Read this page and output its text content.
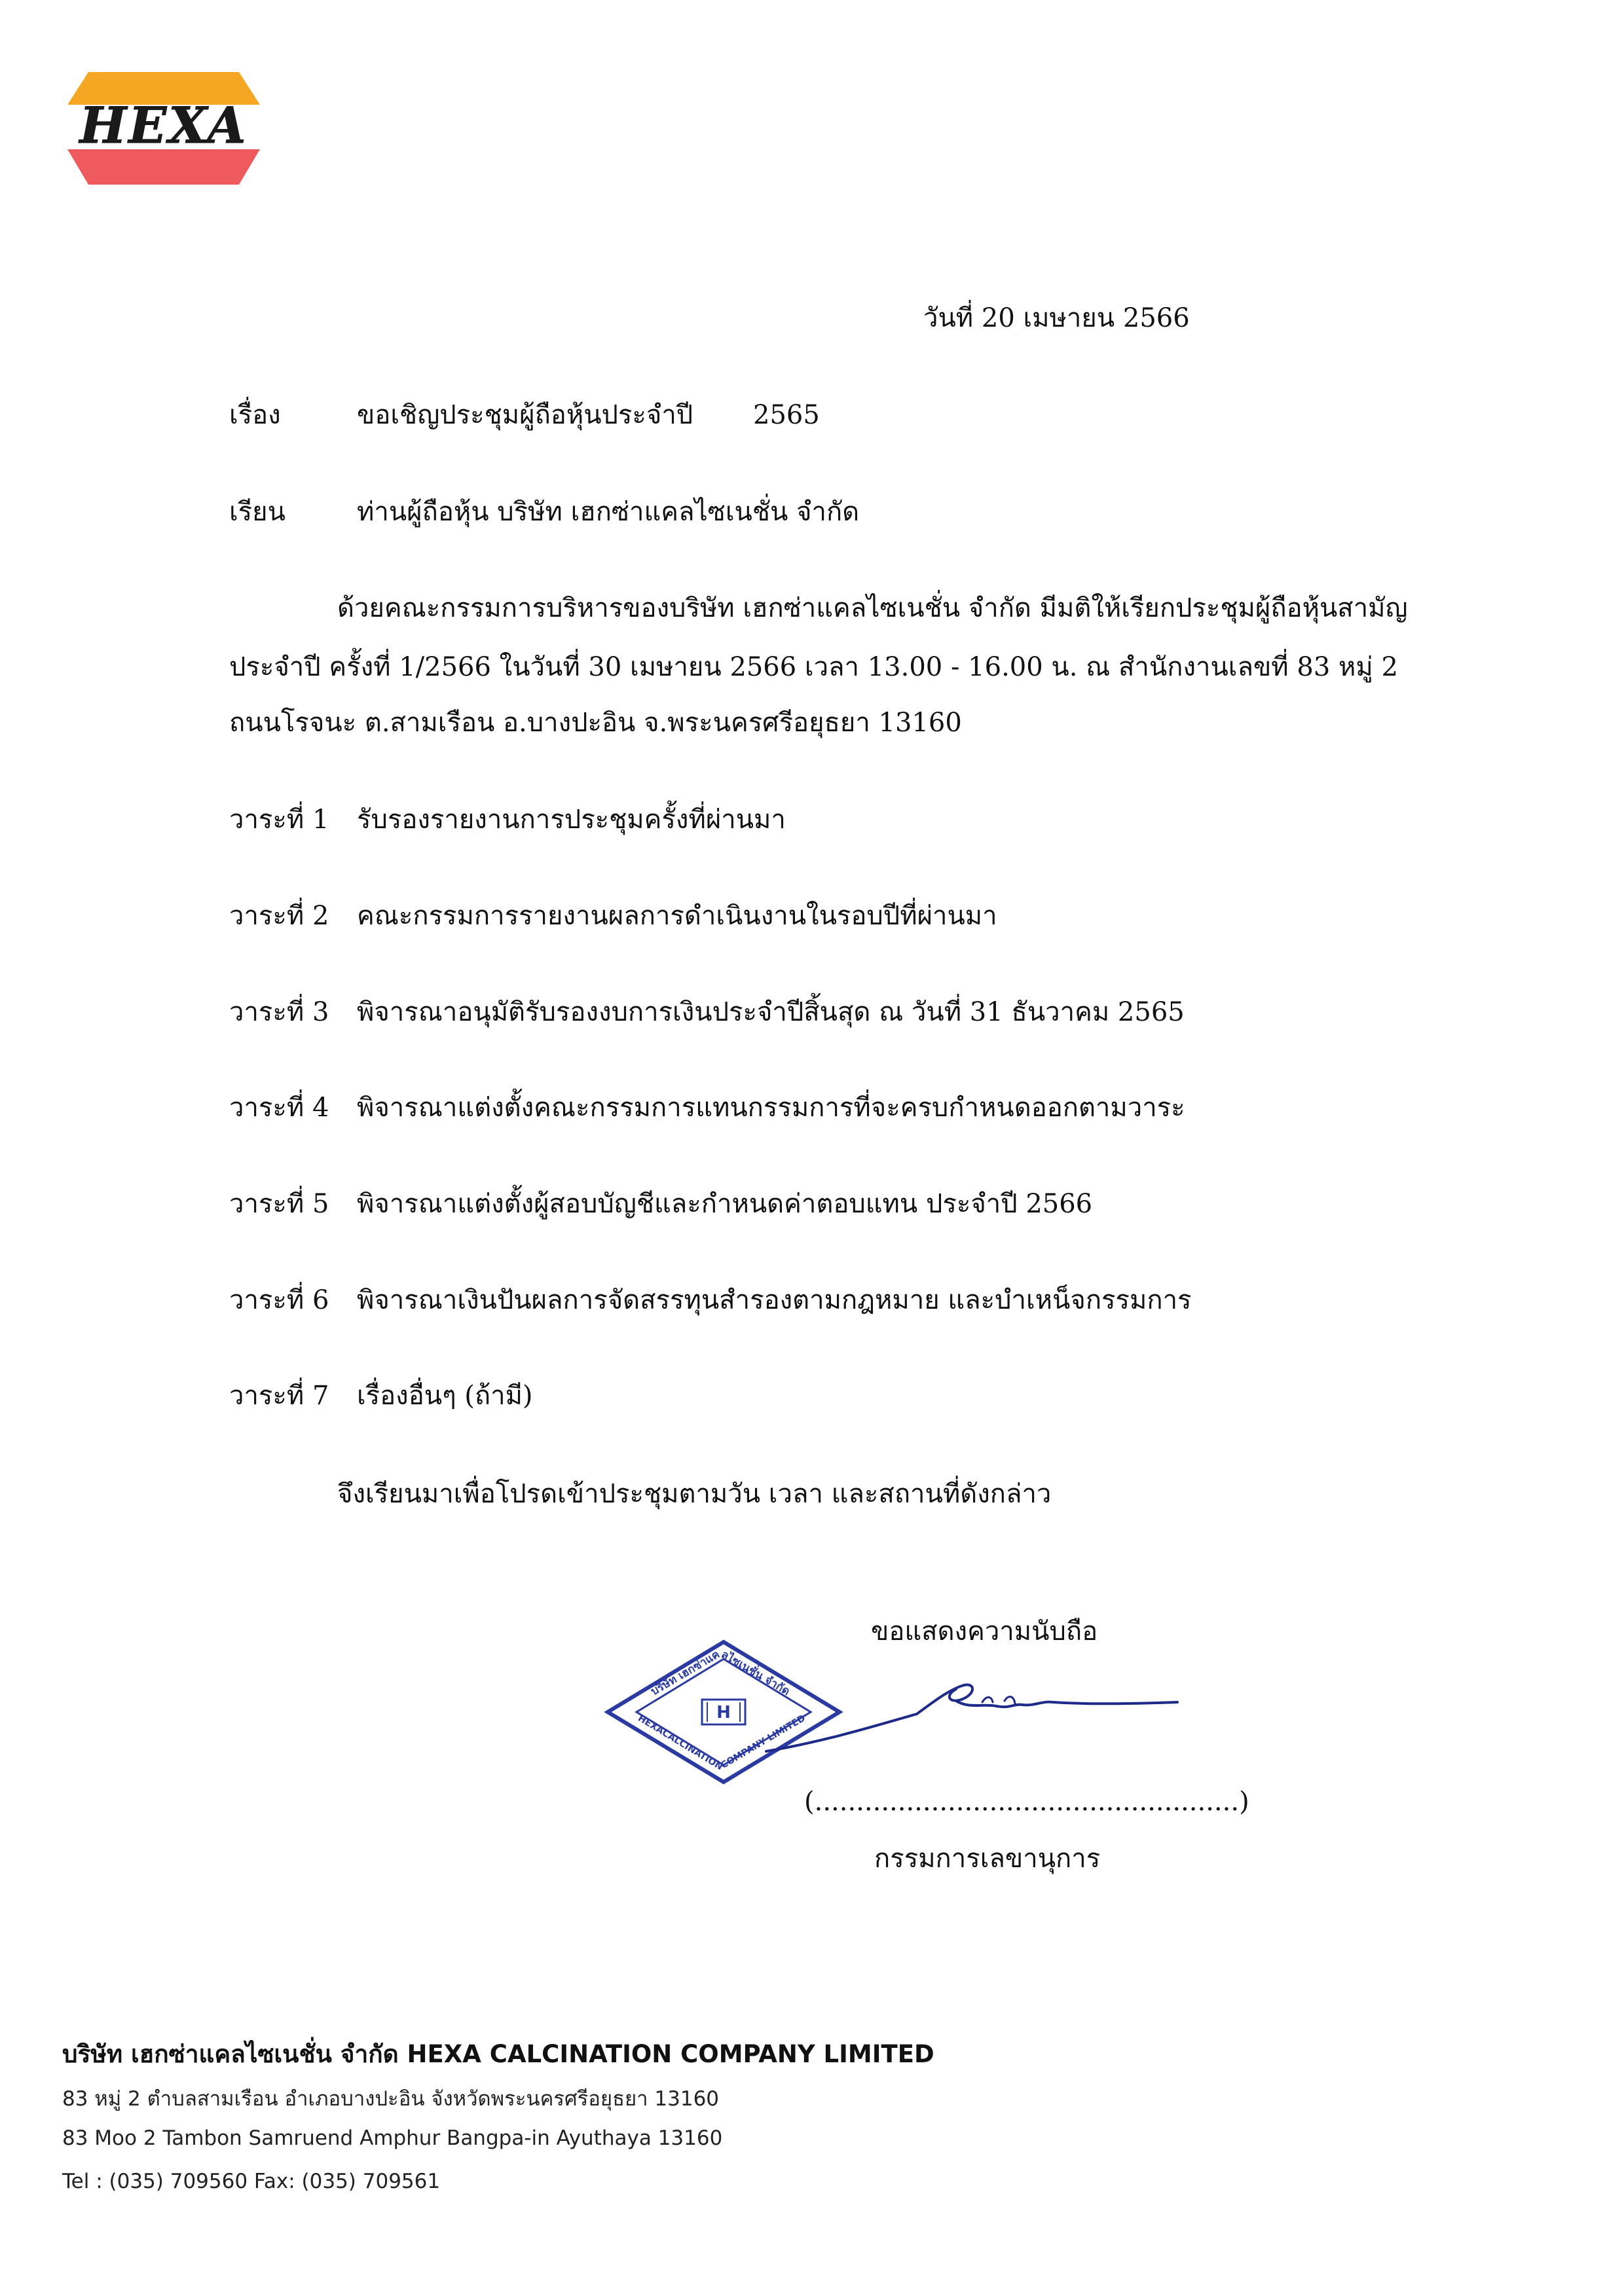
HEXA
วันที่ 20 เมษายน 2566
เรื่อง	ขอเชิญประชุมผู้ถือหุ้นประจำปี 2565
เรียน	ท่านผู้ถือหุ้น บริษัท เฮกซ่าแคลไซเนชั่น จำกัด
ด้วยคณะกรรมการบริหารของบริษัท เฮกซ่าแคลไซเนชั่น จำกัด มีมติให้เรียกประชุมผู้ถือหุ้นสามัญ
ประจำปี ครั้งที่ 1/2566 ในวันที่ 30 เมษายน 2566 เวลา 13.00 - 16.00 น. ณ สำนักงานเลขที่ 83 หมู่ 2
ถนนโรจนะ ต.สามเรือน อ.บางปะอิน จ.พระนครศรีอยุธยา 13160
วาระที่ 1 รับรองรายงานการประชุมครั้งที่ผ่านมา
วาระที่ 2 คณะกรรมการรายงานผลการดำเนินงานในรอบปีที่ผ่านมา
วาระที่ 3 พิจารณาอนุมัติรับรองงบการเงินประจำปีสิ้นสุด ณ วันที่ 31 ธันวาคม 2565
วาระที่ 4 พิจารณาแต่งตั้งคณะกรรมการแทนกรรมการที่จะครบกำหนดออกตามวาระ
วาระที่ 5 พิจารณาแต่งตั้งผู้สอบบัญชีและกำหนดค่าตอบแทน ประจำปี 2566
วาระที่ 6 พิจารณาเงินปันผลการจัดสรรทุนสำรองตามกฎหมาย และบำเหน็จกรรมการ
วาระที่ 7 เรื่องอื่นๆ (ถ้ามี)
จึงเรียนมาเพื่อโปรดเข้าประชุมตามวัน เวลา และสถานที่ดังกล่าว
ขอแสดงความนับถือ
บริษัท เฮกซ่าแคลไซเนชั่น จำกัด
HEXACALCINATION COMPANY LIMITED
H
(...................................................)
กรรมการเลขานุการ
บริษัท เฮกซ่าแคลไซเนชั่น จำกัด HEXA CALCINATION COMPANY LIMITED
83 หมู่ 2 ตำบลสามเรือน อำเภอบางปะอิน จังหวัดพระนครศรีอยุธยา 13160
83 Moo 2 Tambon Samruend Amphur Bangpa-in Ayuthaya 13160
Tel : (035) 709560 Fax: (035) 709561
